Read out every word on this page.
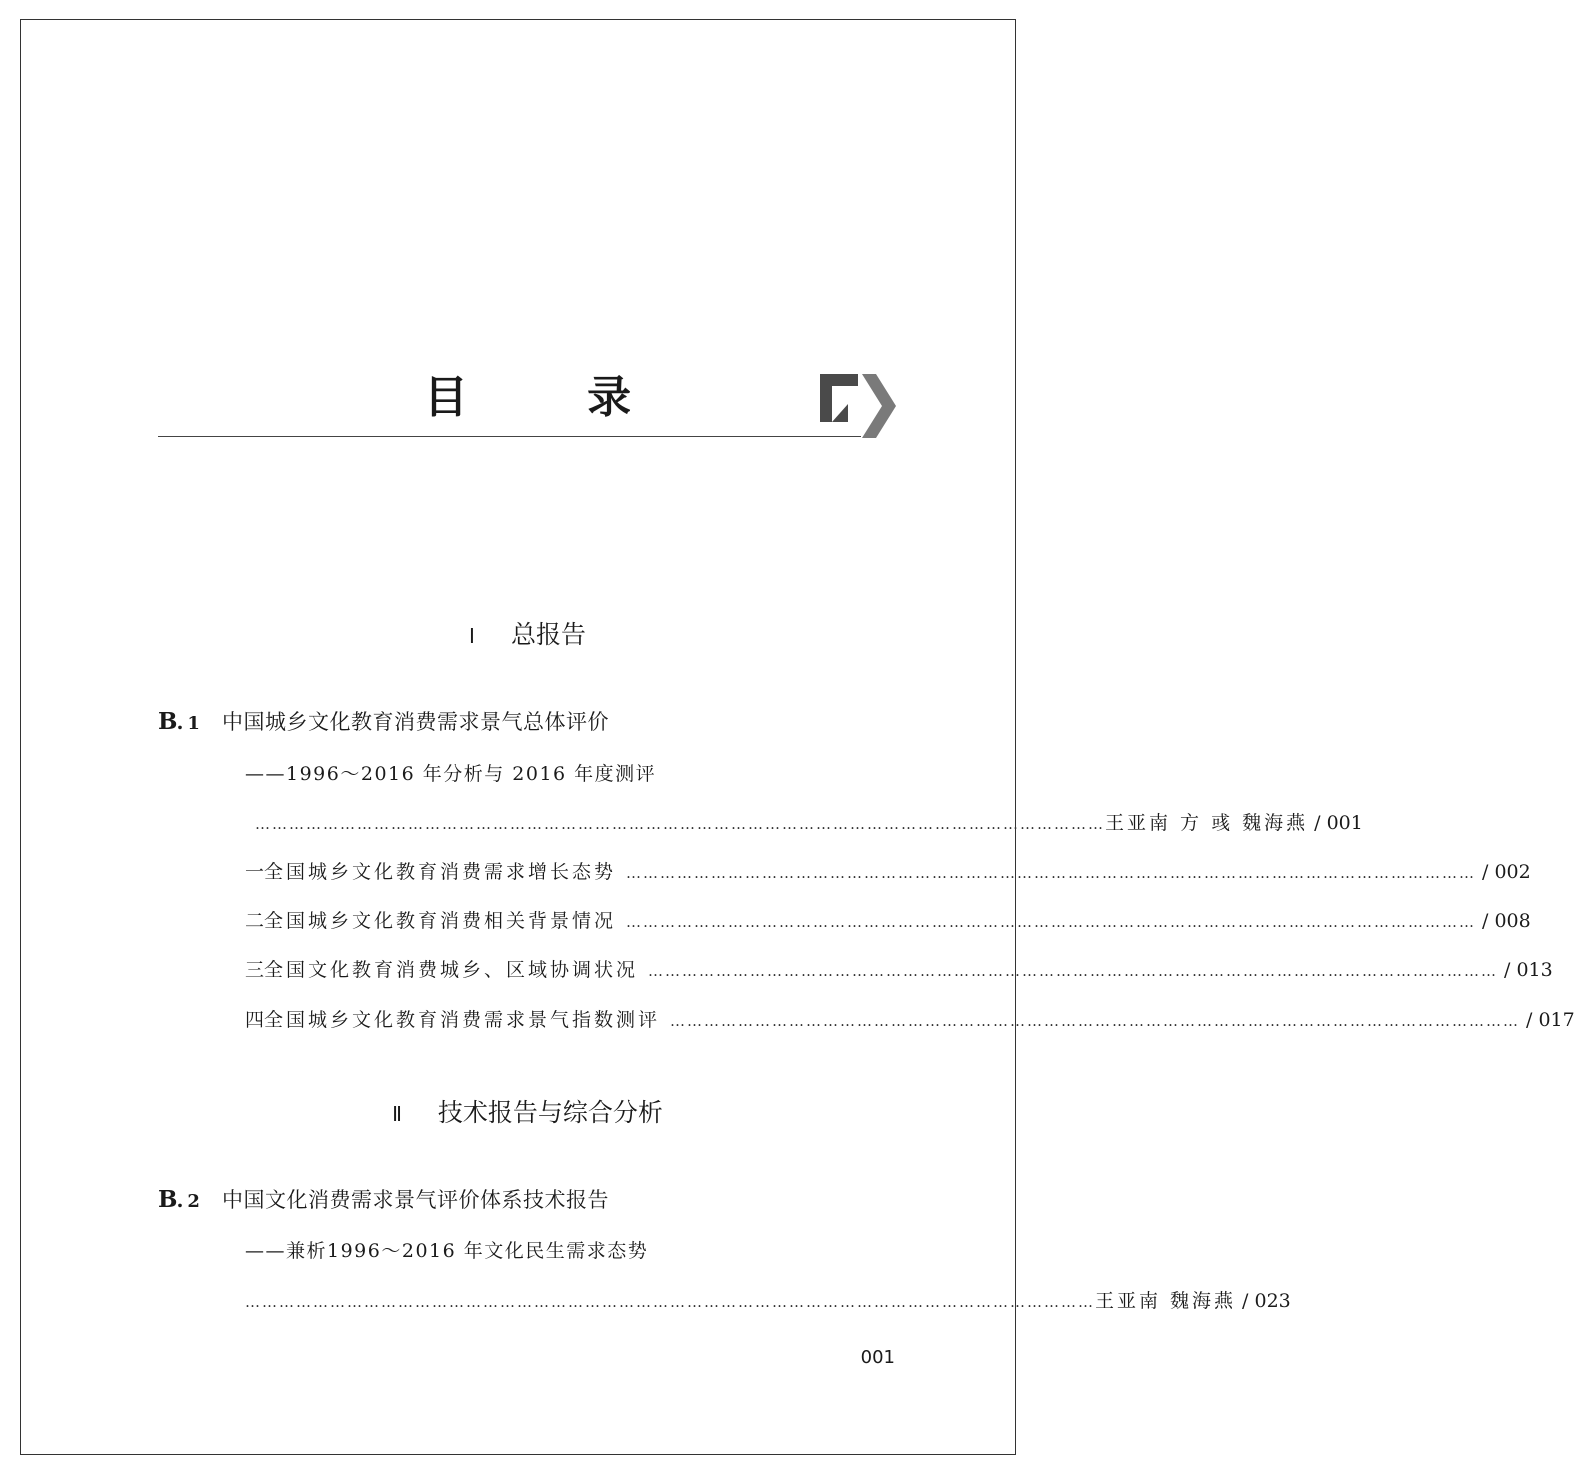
目 录
Ⅰ 总报告
B. 1 中国城乡文化教育消费需求景气总体评价
——1996～2016 年分析与 2016 年度测评
…………………………………………………………………………………………………………………………………… 王亚南 方 彧 魏海燕 / 001
一 全国城乡文化教育消费需求增长态势 …………………………………………………………………………………………………………………………………… / 002
二 全国城乡文化教育消费相关背景情况 …………………………………………………………………………………………………………………………………… / 008
三 全国文化教育消费城乡、区域协调状况 …………………………………………………………………………………………………………………………………… / 013
四 全国城乡文化教育消费需求景气指数测评 …………………………………………………………………………………………………………………………………… / 017
Ⅱ 技术报告与综合分析
B. 2 中国文化消费需求景气评价体系技术报告
——兼析1996～2016 年文化民生需求态势
…………………………………………………………………………………………………………………………………… 王亚南 魏海燕 / 023
001
